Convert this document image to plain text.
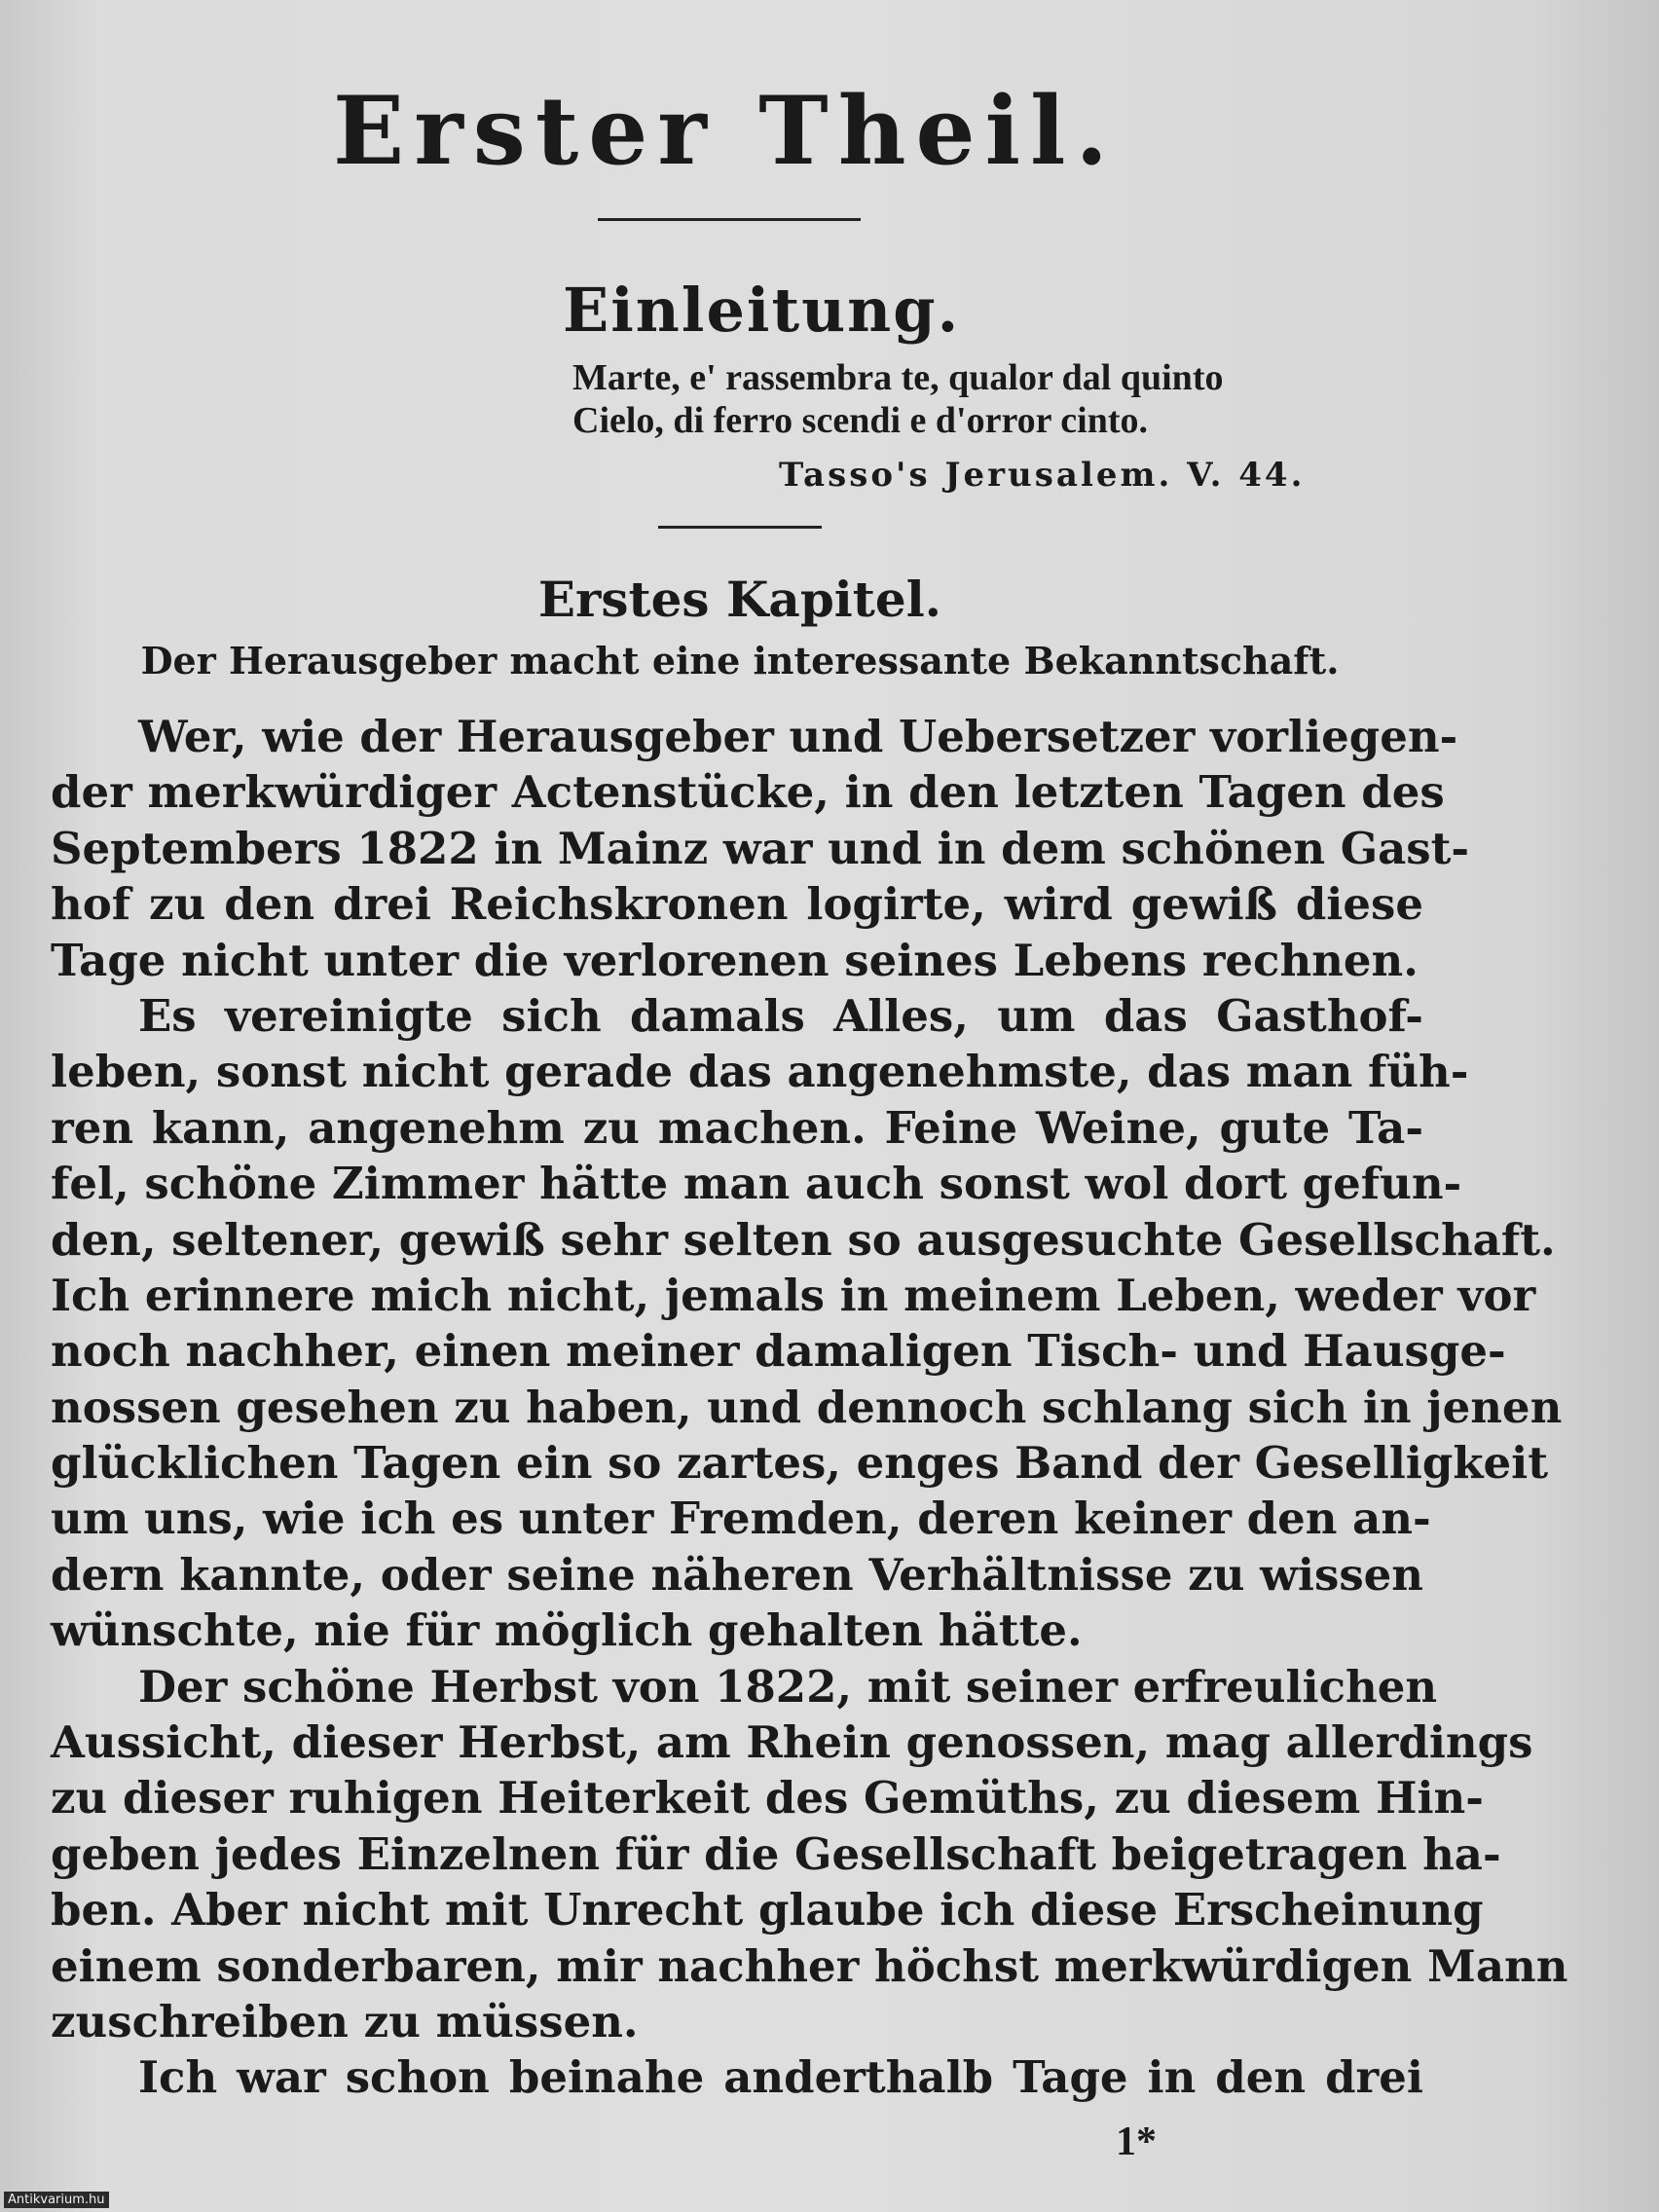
Erster Theil.
Einleitung.
Marte, e' rassembra te, qualor dal quinto
Cielo, di ferro scendi e d'orror cinto.
Tasso's Jerusalem. V. 44.
Erstes Kapitel.
Der Herausgeber macht eine interessante Bekanntschaft.
Wer, wie der Herausgeber und Uebersetzer vorliegen-
der merkwürdiger Actenstücke, in den letzten Tagen des
Septembers 1822 in Mainz war und in dem schönen Gast-
hof zu den drei Reichskronen logirte, wird gewiß diese
Tage nicht unter die verlorenen seines Lebens rechnen.
Es vereinigte sich damals Alles, um das Gasthof-
leben, sonst nicht gerade das angenehmste, das man füh-
ren kann, angenehm zu machen. Feine Weine, gute Ta-
fel, schöne Zimmer hätte man auch sonst wol dort gefun-
den, seltener, gewiß sehr selten so ausgesuchte Gesellschaft.
Ich erinnere mich nicht, jemals in meinem Leben, weder vor
noch nachher, einen meiner damaligen Tisch- und Hausge-
nossen gesehen zu haben, und dennoch schlang sich in jenen
glücklichen Tagen ein so zartes, enges Band der Geselligkeit
um uns, wie ich es unter Fremden, deren keiner den an-
dern kannte, oder seine näheren Verhältnisse zu wissen
wünschte, nie für möglich gehalten hätte.
Der schöne Herbst von 1822, mit seiner erfreulichen
Aussicht, dieser Herbst, am Rhein genossen, mag allerdings
zu dieser ruhigen Heiterkeit des Gemüths, zu diesem Hin-
geben jedes Einzelnen für die Gesellschaft beigetragen ha-
ben. Aber nicht mit Unrecht glaube ich diese Erscheinung
einem sonderbaren, mir nachher höchst merkwürdigen Mann
zuschreiben zu müssen.
Ich war schon beinahe anderthalb Tage in den drei
1*
Antikvarium.hu
